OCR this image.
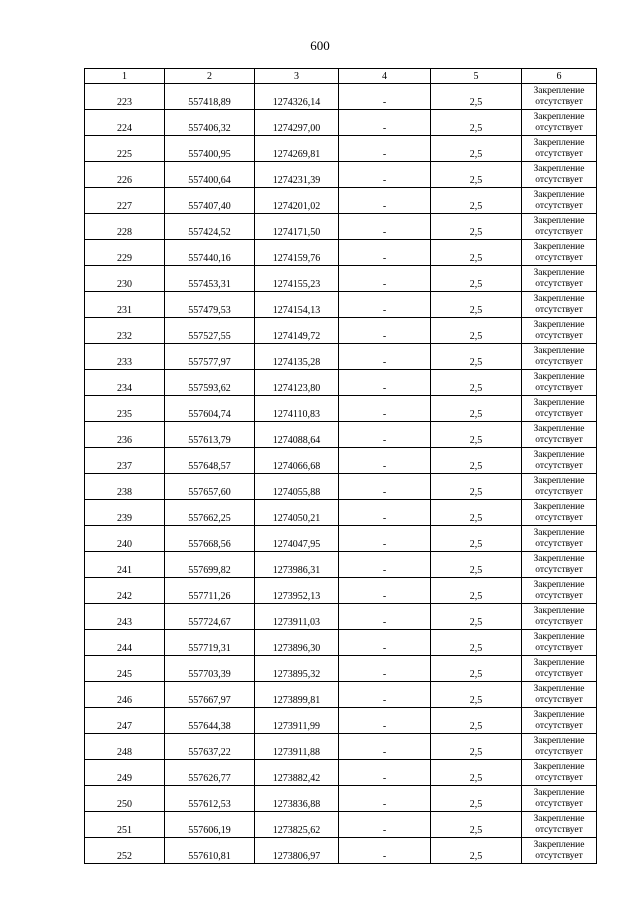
600
1	2	3	4	5	6
223	557418,89	1274326,14	-	2,5	Закрепление
отсутствует

224	557406,32	1274297,00	-	2,5	Закрепление
отсутствует

225	557400,95	1274269,81	-	2,5	Закрепление
отсутствует

226	557400,64	1274231,39	-	2,5	Закрепление
отсутствует

227	557407,40	1274201,02	-	2,5	Закрепление
отсутствует

228	557424,52	1274171,50	-	2,5	Закрепление
отсутствует

229	557440,16	1274159,76	-	2,5	Закрепление
отсутствует

230	557453,31	1274155,23	-	2,5	Закрепление
отсутствует

231	557479,53	1274154,13	-	2,5	Закрепление
отсутствует

232	557527,55	1274149,72	-	2,5	Закрепление
отсутствует

233	557577,97	1274135,28	-	2,5	Закрепление
отсутствует

234	557593,62	1274123,80	-	2,5	Закрепление
отсутствует

235	557604,74	1274110,83	-	2,5	Закрепление
отсутствует

236	557613,79	1274088,64	-	2,5	Закрепление
отсутствует

237	557648,57	1274066,68	-	2,5	Закрепление
отсутствует

238	557657,60	1274055,88	-	2,5	Закрепление
отсутствует

239	557662,25	1274050,21	-	2,5	Закрепление
отсутствует

240	557668,56	1274047,95	-	2,5	Закрепление
отсутствует

241	557699,82	1273986,31	-	2,5	Закрепление
отсутствует

242	557711,26	1273952,13	-	2,5	Закрепление
отсутствует

243	557724,67	1273911,03	-	2,5	Закрепление
отсутствует

244	557719,31	1273896,30	-	2,5	Закрепление
отсутствует

245	557703,39	1273895,32	-	2,5	Закрепление
отсутствует

246	557667,97	1273899,81	-	2,5	Закрепление
отсутствует

247	557644,38	1273911,99	-	2,5	Закрепление
отсутствует

248	557637,22	1273911,88	-	2,5	Закрепление
отсутствует

249	557626,77	1273882,42	-	2,5	Закрепление
отсутствует

250	557612,53	1273836,88	-	2,5	Закрепление
отсутствует

251	557606,19	1273825,62	-	2,5	Закрепление
отсутствует

252	557610,81	1273806,97	-	2,5	Закрепление
отсутствует
